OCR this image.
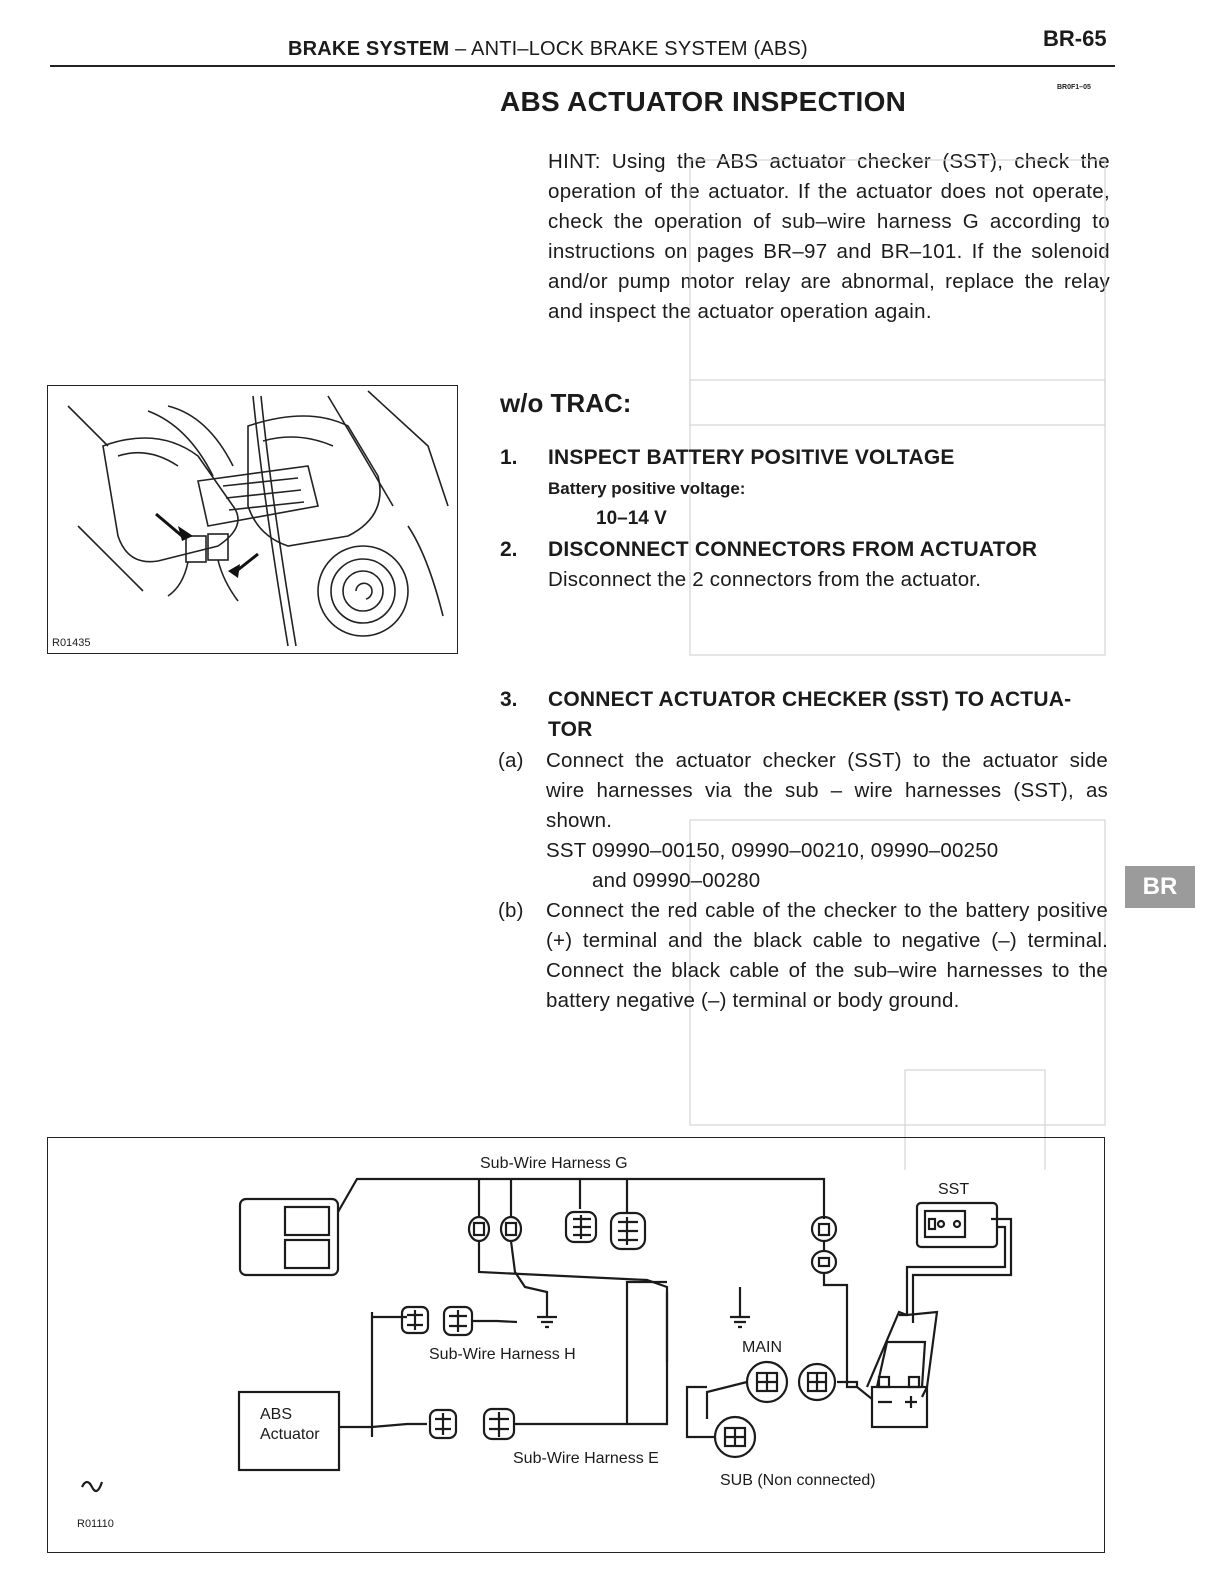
BRAKE SYSTEM – ANTI–LOCK BRAKE SYSTEM (ABS)	BR-65
BR0F1–05
ABS ACTUATOR INSPECTION
HINT: Using the ABS actuator checker (SST), check the operation of the actuator. If the actuator does not operate, check the operation of sub–wire harness G according to instructions on pages BR–97 and BR–101. If the solenoid and/or pump motor relay are abnormal, replace the relay and inspect the actuator operation again.
R01435
w/o TRAC:
1. INSPECT BATTERY POSITIVE VOLTAGE
Battery positive voltage:
10–14 V
2. DISCONNECT CONNECTORS FROM ACTUATOR
Disconnect the 2 connectors from the actuator.
3. CONNECT ACTUATOR CHECKER (SST) TO ACTUA-
TOR
(a) Connect the actuator checker (SST) to the actuator side wire harnesses via the sub – wire harnesses (SST), as shown.
SST 09990–00150, 09990–00210, 09990–00250
and 09990–00280
(b) Connect the red cable of the checker to the battery positive (+) terminal and the black cable to negative (–) terminal. Connect the black cable of the sub–wire harnesses to the battery negative (–) terminal or body ground.
BR
Sub-Wire Harness G
SST
Sub-Wire Harness H	MAIN
ABS
Actuator
Sub-Wire Harness E
SUB (Non connected)
R01110
